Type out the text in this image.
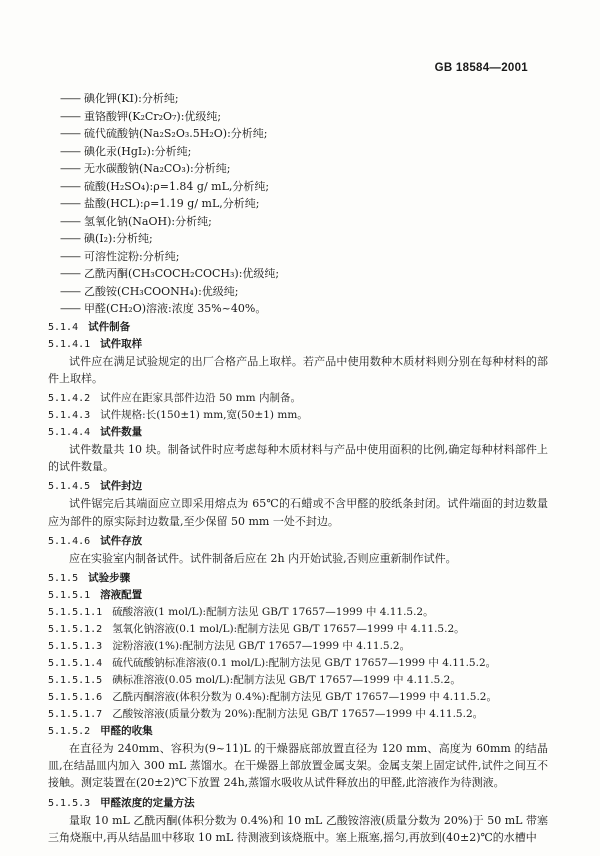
GB 18584—2001
—— 碘化钾(KI):分析纯;
—— 重铬酸钾(K₂Cr₂O₇):优级纯;
—— 硫代硫酸钠(Na₂S₂O₃.5H₂O):分析纯;
—— 碘化汞(HgI₂):分析纯;
—— 无水碳酸钠(Na₂CO₃):分析纯;
—— 硫酸(H₂SO₄):ρ=1.84 g/ mL,分析纯;
—— 盐酸(HCL):ρ=1.19 g/ mL,分析纯;
—— 氢氧化钠(NaOH):分析纯;
—— 碘(I₂):分析纯;
—— 可溶性淀粉:分析纯;
—— 乙酰丙酮(CH₃COCH₂COCH₃):优级纯;
—— 乙酸铵(CH₃COONH₄):优级纯;
—— 甲醛(CH₂O)溶液:浓度 35%~40%。
5.1.4 试件制备
5.1.4.1 试件取样
试件应在满足试验规定的出厂合格产品上取样。若产品中使用数种木质材料则分别在每种材料的部件上取样。
5.1.4.2 试件应在距家具部件边沿 50 mm 内制备。
5.1.4.3 试件规格:长(150±1) mm,宽(50±1) mm。
5.1.4.4 试件数量
试件数量共 10 块。制备试件时应考虑每种木质材料与产品中使用面积的比例,确定每种材料部件上的试件数量。
5.1.4.5 试件封边
试件锯完后其端面应立即采用熔点为 65℃的石蜡或不含甲醛的胶纸条封闭。试件端面的封边数量应为部件的原实际封边数量,至少保留 50 mm 一处不封边。
5.1.4.6 试件存放
应在实验室内制备试件。试件制备后应在 2h 内开始试验,否则应重新制作试件。
5.1.5 试验步骤
5.1.5.1 溶液配置
5.1.5.1.1 硫酸溶液(1 mol/L):配制方法见 GB/T 17657—1999 中 4.11.5.2。
5.1.5.1.2 氢氧化钠溶液(0.1 mol/L):配制方法见 GB/T 17657—1999 中 4.11.5.2。
5.1.5.1.3 淀粉溶液(1%):配制方法见 GB/T 17657—1999 中 4.11.5.2。
5.1.5.1.4 硫代硫酸钠标准溶液(0.1 mol/L):配制方法见 GB/T 17657—1999 中 4.11.5.2。
5.1.5.1.5 碘标准溶液(0.05 mol/L):配制方法见 GB/T 17657—1999 中 4.11.5.2。
5.1.5.1.6 乙酰丙酮溶液(体积分数为 0.4%):配制方法见 GB/T 17657—1999 中 4.11.5.2。
5.1.5.1.7 乙酸铵溶液(质量分数为 20%):配制方法见 GB/T 17657—1999 中 4.11.5.2。
5.1.5.2 甲醛的收集
在直径为 240mm、容积为(9~11)L 的干燥器底部放置直径为 120 mm、高度为 60mm 的结晶皿,在结晶皿内加入 300 mL 蒸馏水。在干燥器上部放置金属支架。金属支架上固定试件,试件之间互不接触。测定装置在(20±2)℃下放置 24h,蒸馏水吸收从试件释放出的甲醛,此溶液作为待测液。
5.1.5.3 甲醛浓度的定量方法
量取 10 mL 乙酰丙酮(体积分数为 0.4%)和 10 mL 乙酸铵溶液(质量分数为 20%)于 50 mL 带塞三角烧瓶中,再从结晶皿中移取 10 mL 待测液到该烧瓶中。塞上瓶塞,摇匀,再放到(40±2)℃的水槽中
